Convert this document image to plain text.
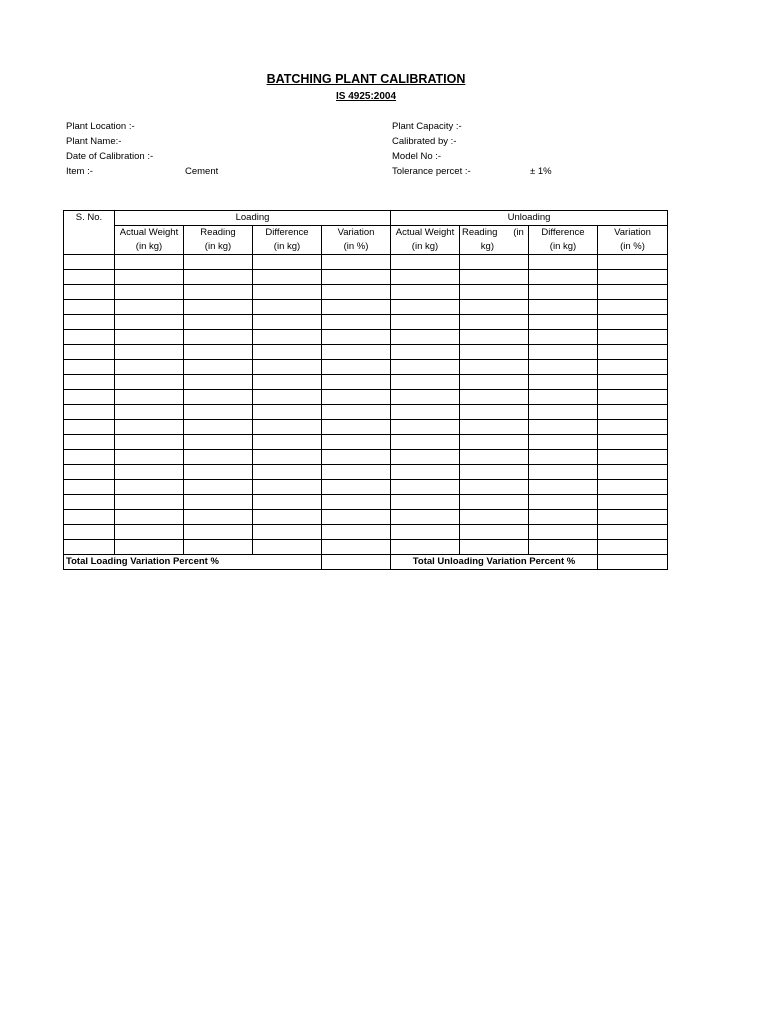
BATCHING PLANT CALIBRATION
IS 4925:2004
Plant Location :-
Plant Name:-
Date of Calibration :-
Item :-	Cement
Plant Capacity :-
Calibrated by :-
Model No :-
Tolerance percet :-	± 1%
S. No.	Loading				Unloading			
	Actual Weight	Reading	Difference	Variation	Actual Weight	Reading      (in	Difference	Variation
	(in kg)	(in kg)	(in kg)	(in %)	(in kg)	kg)	(in kg)	(in %)

Total Loading Variation Percent %					Total Unloading Variation Percent %			
